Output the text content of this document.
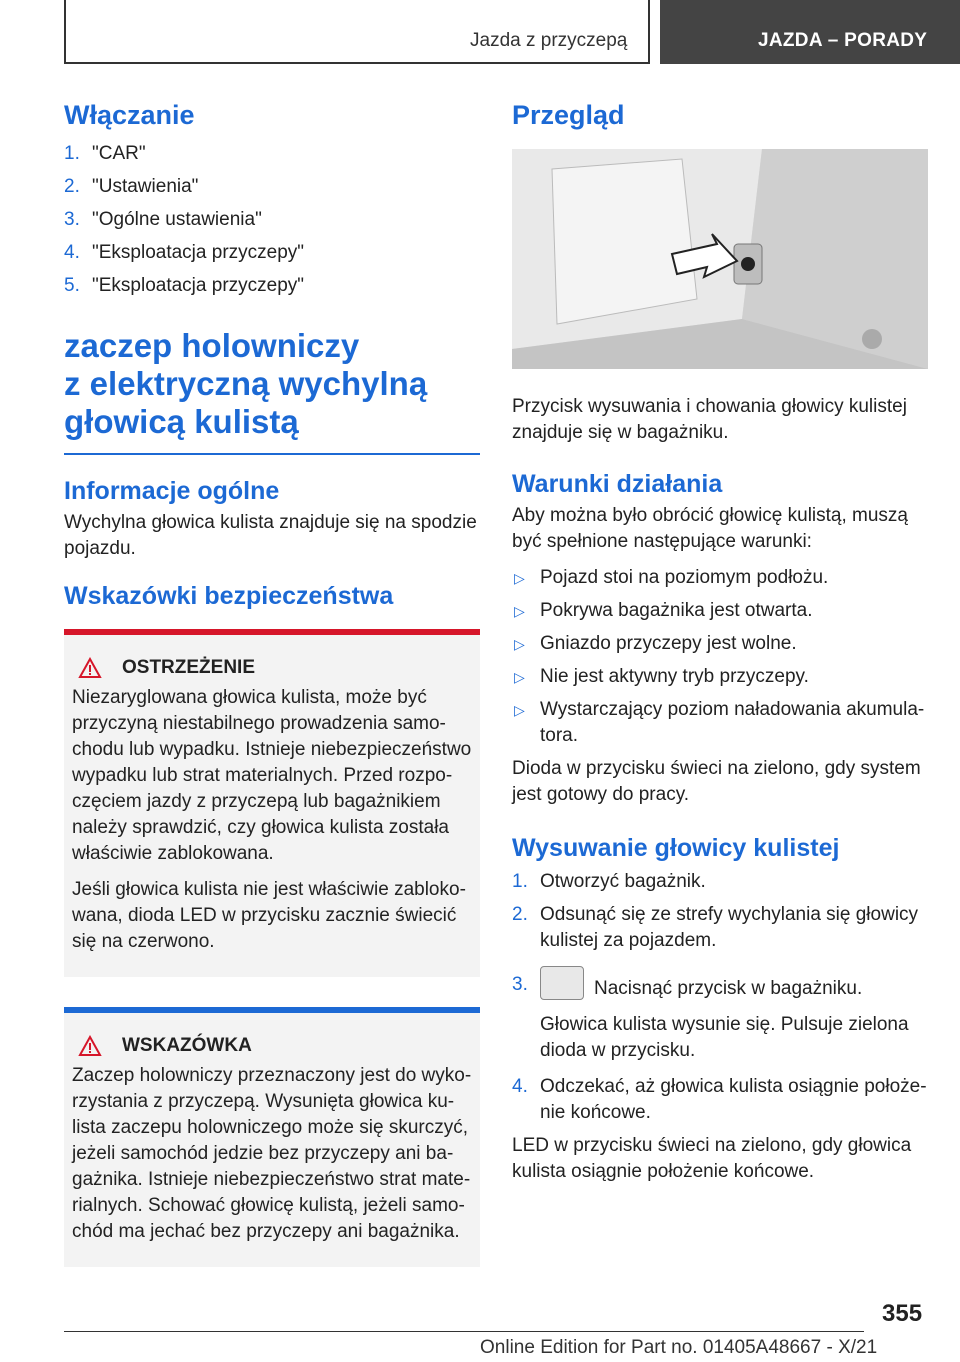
Jazda z przyczepą	JAZDA – PORADY
Włączanie
1. "CAR"
2. "Ustawienia"
3. "Ogólne ustawienia"
4. "Eksploatacja przyczepy"
5. "Eksploatacja przyczepy"
zaczep holowniczy
z elektryczną wychylną
głowicą kulistą
Informacje ogólne

Wychylna głowica kulista znajduje się na spodzie pojazdu.

Wskazówki bezpieczeństwa
OSTRZEŻENIE

Niezaryglowana głowica kulista, może być przyczyną niestabilnego prowadzenia samochodu lub wypadku. Istnieje niebezpieczeństwo wypadku lub strat materialnych. Przed rozpoczęciem jazdy z przyczepą lub bagażnikiem należy sprawdzić, czy głowica kulista została właściwie zablokowana.

Jeśli głowica kulista nie jest właściwie zablokowana, dioda LED w przycisku zacznie świecić się na czerwono.

WSKAZÓWKA

Zaczep holowniczy przeznaczony jest do wykorzystania z przyczepą. Wysunięta głowica kulista zaczepu holowniczego może się skurczyć, jeżeli samochód jedzie bez przyczepy ani bagażnika. Istnieje niebezpieczeństwo strat materialnych. Schować głowicę kulistą, jeżeli samochód ma jechać bez przyczepy ani bagażnika.

Przegląd

Przycisk wysuwania i chowania głowicy kulistej znajduje się w bagażniku.

Warunki działania

Aby można było obrócić głowicę kulistą, muszą być spełnione następujące warunki:

▷ Pojazd stoi na poziomym podłożu.
▷ Pokrywa bagażnika jest otwarta.
▷ Gniazdo przyczepy jest wolne.
▷ Nie jest aktywny tryb przyczepy.
▷ Wystarczający poziom naładowania akumulatora.

Dioda w przycisku świeci na zielono, gdy system jest gotowy do pracy.

Wysuwanie głowicy kulistej
1. Otworzyć bagażnik.
2. Odsunąć się ze strefy wychylania się głowicy kulistej za pojazdem.
3.	Nacisnąć przycisk w bagażniku.

Głowica kulista wysunie się. Pulsuje zielona dioda w przycisku.

4. Odczekać, aż głowica kulista osiągnie położenie końcowe.

LED w przycisku świeci na zielono, gdy głowica kulista osiągnie położenie końcowe.

355
Online Edition for Part no. 01405A48667 - X/21
